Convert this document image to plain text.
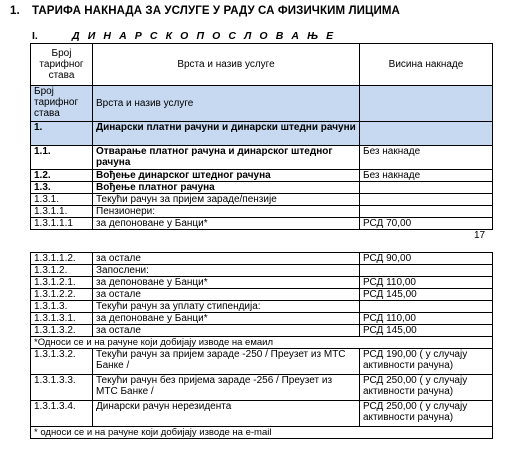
1. ТАРИФА НАКНАДА ЗА УСЛУГЕ У РАДУ СА ФИЗИЧКИМ ЛИЦИМА
I.	Д И Н А Р С К О П О С Л О В А Њ Е
Број тарифног става	Врста и назив услуге	Висина накнаде
Број тарифног става	Врста и назив услуге	
1.	Динарски платни рачуни и динарски штедни рачуни	
1.1.	Отварање платног рачуна и динарског штедног рачуна	Без накнаде
1.2.	Вођење динарског штедног рачуна	Без накнаде
1.3.	Вођење платног рачуна	
1.3.1.	Текући рачун за пријем зараде/пензије	
1.3.1.1.	Пензионери:	
1.3.1.1.1	за депоноване у Банци*	РСД 70,00
17
1.3.1.1.2.	за остале	РСД 90,00
1.3.1.2.	Запослени:	
1.3.1.2.1.	за депоноване у Банци*	РСД 110,00
1.3.1.2.2.	за остале	РСД 145,00
1.3.1.3.	Текући рачун за уплату стипендија:	
1.3.1.3.1.	за депоноване у Банци*	РСД 110,00
1.3.1.3.2.	за остале	РСД 145,00
*Односи се и на рачуне који добијају изводе на емаил		
1.3.1.3.2.	Текући рачун за пријем зараде -250 / Преузет из МТС Банке /	РСД 190,00 ( у случају активности рачуна)
1.3.1.3.3.	Текући рачун без пријема зараде -256 / Преузет из МТС Банке /	РСД 250,00 ( у случају активности рачуна)
1.3.1.3.4.	Динарски рачун нерезидента	РСД 250,00 ( у случају активности рачуна)
* односи се и на рачуне који добијају изводе на e-mail		
